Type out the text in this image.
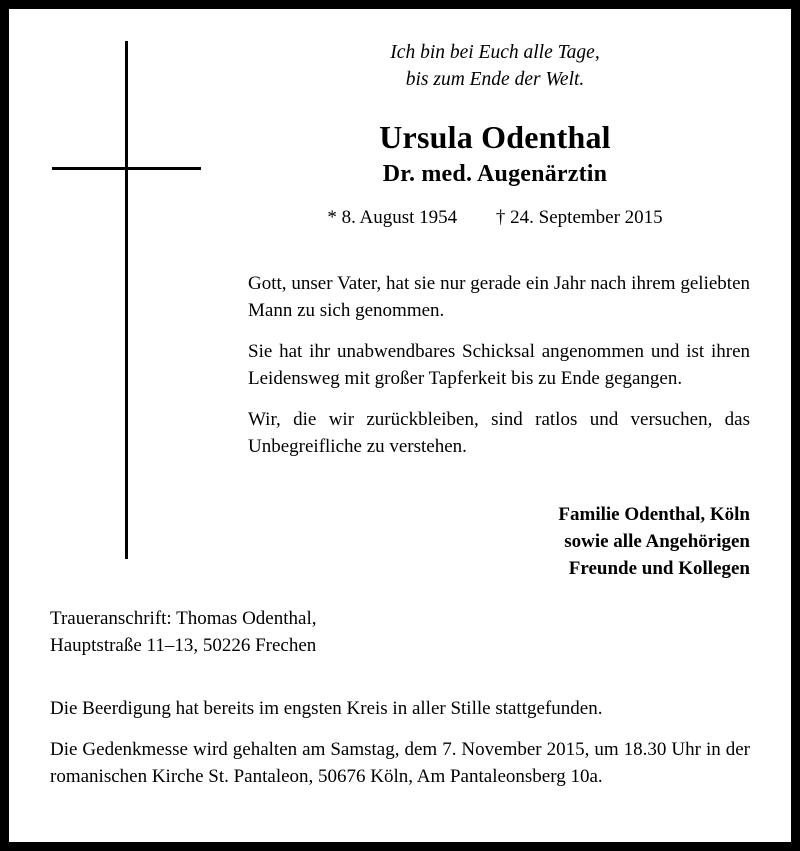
Ich bin bei Euch alle Tage,
bis zum Ende der Welt.
Ursula Odenthal
Dr. med. Augenärztin
* 8. August 1954 † 24. September 2015

Gott, unser Vater, hat sie nur gerade ein Jahr nach ihrem geliebten Mann zu sich genommen.

Sie hat ihr unabwendbares Schicksal angenommen und ist ihren Leidensweg mit großer Tapferkeit bis zu Ende gegangen.

Wir, die wir zurückbleiben, sind ratlos und versuchen, das Unbegreifliche zu verstehen.

Familie Odenthal, Köln
sowie alle Angehörigen
Freunde und Kollegen
Traueranschrift: Thomas Odenthal,
Hauptstraße 11–13, 50226 Frechen

Die Beerdigung hat bereits im engsten Kreis in aller Stille stattgefunden.

Die Gedenkmesse wird gehalten am Samstag, dem 7. November 2015, um 18.30 Uhr in der romanischen Kirche St. Pantaleon, 50676 Köln, Am Pantaleonsberg 10a.
